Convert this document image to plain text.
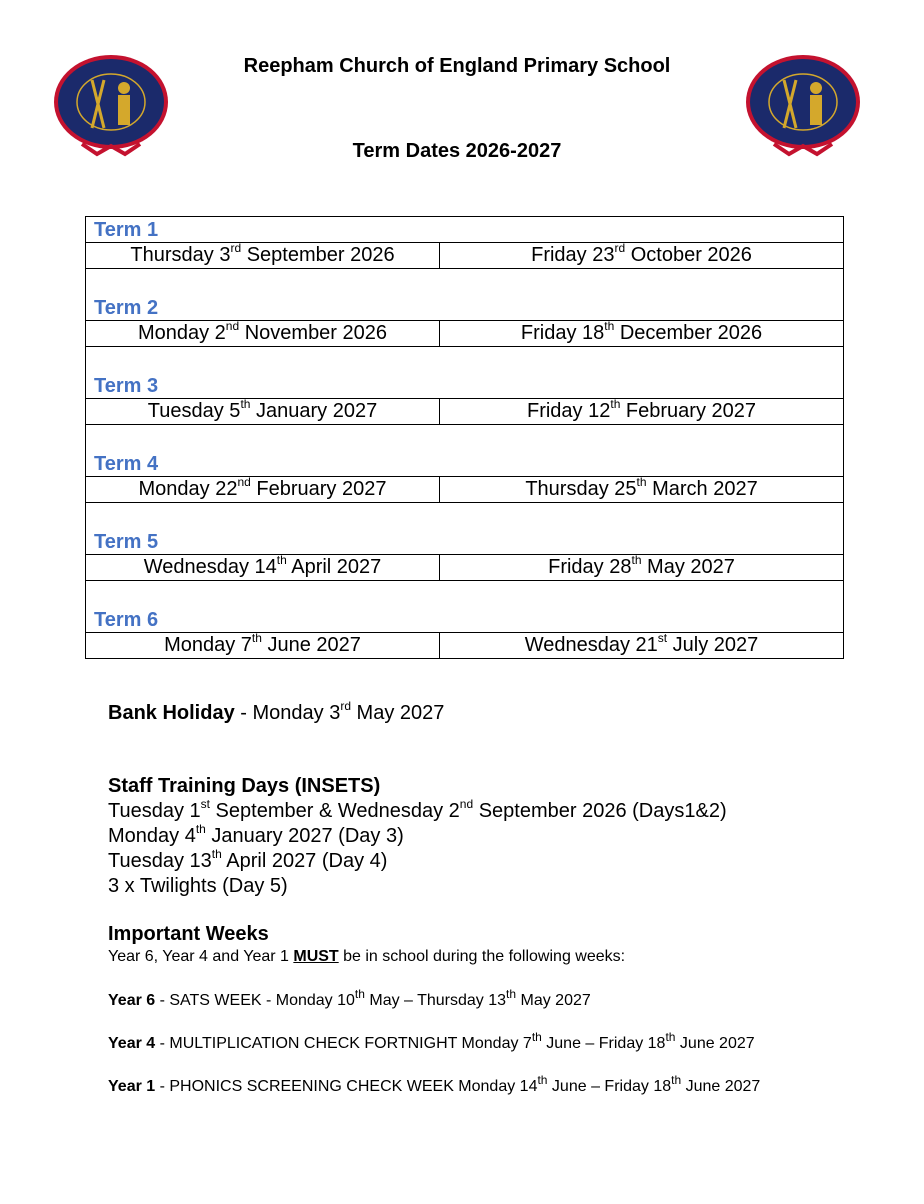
Reepham Church of England Primary School
Term Dates 2026-2027
Term 1	
Thursday 3rd September 2026	Friday 23rd October 2026
Term 2	
Monday 2nd November 2026	Friday 18th December 2026
Term 3	
Tuesday 5th January 2027	Friday 12th February 2027
Term 4	
Monday 22nd February 2027	Thursday 25th March 2027
Term 5	
Wednesday 14th April 2027	Friday 28th May 2027
Term 6	
Monday 7th June 2027	Wednesday 21st July 2027
Bank Holiday - Monday 3rd May 2027
Staff Training Days (INSETS)
Tuesday 1st September & Wednesday 2nd September 2026 (Days1&2)
Monday 4th January 2027 (Day 3)
Tuesday 13th April 2027 (Day 4)
3 x Twilights (Day 5)
Important Weeks
Year 6, Year 4 and Year 1 MUST be in school during the following weeks:
Year 6 - SATS WEEK - Monday 10th May – Thursday 13th May 2027
Year 4 - MULTIPLICATION CHECK FORTNIGHT Monday 7th June – Friday 18th June 2027
Year 1 - PHONICS SCREENING CHECK WEEK Monday 14th June – Friday 18th June 2027
